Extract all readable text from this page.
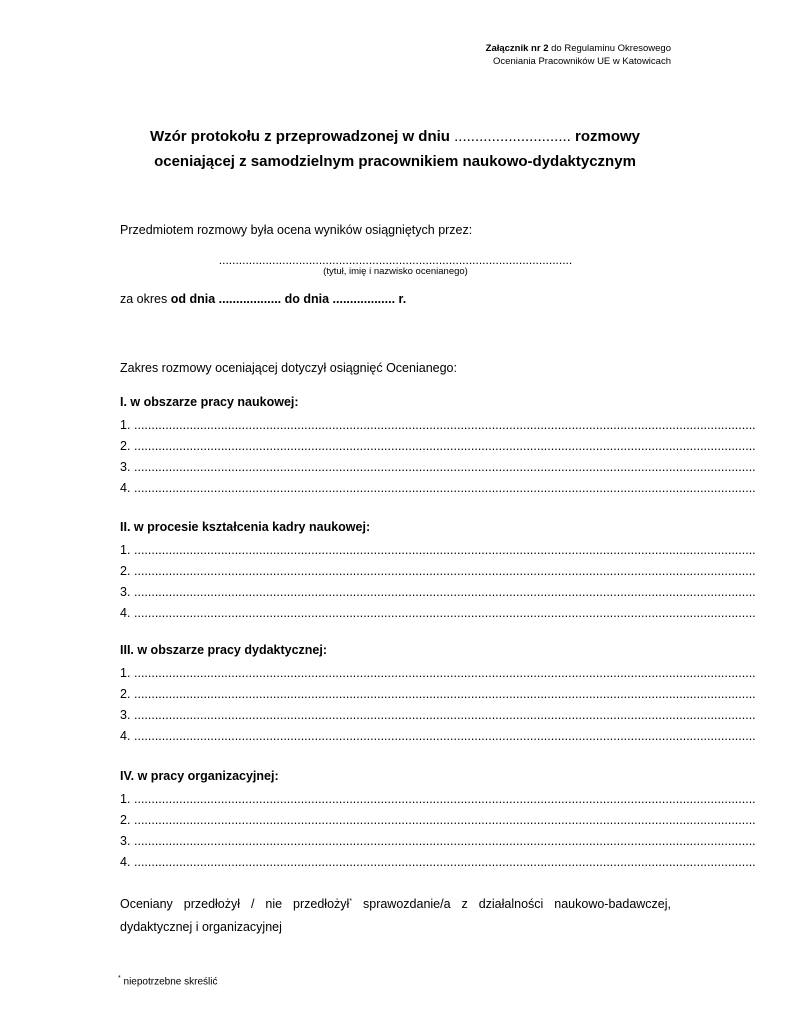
Załącznik nr 2 do Regulaminu Okresowego
Oceniania Pracowników UE w Katowicach
Wzór protokołu z przeprowadzonej w dniu ............................ rozmowy
oceniającej z samodzielnym pracownikiem naukowo-dydaktycznym
Przedmiotem rozmowy była ocena wyników osiągniętych przez:
..........................................................................................................
(tytuł, imię i nazwisko ocenianego)
za okres od dnia .................. do dnia .................. r.
Zakres rozmowy oceniającej dotyczył osiągnięć Ocenianego:
I. w obszarze pracy naukowej:
1. ...................................................................................................................................................................................
2. ...................................................................................................................................................................................
3. ...................................................................................................................................................................................
4. ...................................................................................................................................................................................
II. w procesie kształcenia kadry naukowej:
1. ...................................................................................................................................................................................
2. ...................................................................................................................................................................................
3. ...................................................................................................................................................................................
4. ...................................................................................................................................................................................
III. w obszarze pracy dydaktycznej:
1. ...................................................................................................................................................................................
2. ...................................................................................................................................................................................
3. ...................................................................................................................................................................................
4. ...................................................................................................................................................................................
IV. w pracy organizacyjnej:
1. ...................................................................................................................................................................................
2. ...................................................................................................................................................................................
3. ...................................................................................................................................................................................
4. ...................................................................................................................................................................................
Oceniany przedłożył / nie przedłożył* sprawozdanie/a z działalności naukowo-badawczej, dydaktycznej i organizacyjnej
* niepotrzebne skreślić
